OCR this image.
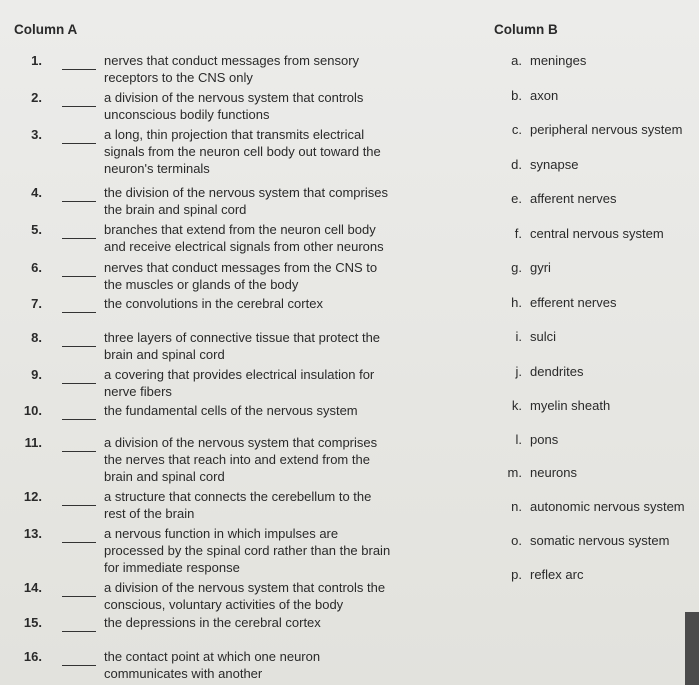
Column A	Column B
1.	nerves that conduct messages from sensory
receptors to the CNS only
2.	a division of the nervous system that controls
unconscious bodily functions
3.	a long, thin projection that transmits electrical
signals from the neuron cell body out toward the
neuron's terminals
4.	the division of the nervous system that comprises
the brain and spinal cord
5.	branches that extend from the neuron cell body
and receive electrical signals from other neurons
6.	nerves that conduct messages from the CNS to
the muscles or glands of the body
7.	the convolutions in the cerebral cortex
8.	three layers of connective tissue that protect the
brain and spinal cord
9.	a covering that provides electrical insulation for
nerve fibers
10.	the fundamental cells of the nervous system
11.	a division of the nervous system that comprises
the nerves that reach into and extend from the
brain and spinal cord
12.	a structure that connects the cerebellum to the
rest of the brain
13.	a nervous function in which impulses are
processed by the spinal cord rather than the brain
for immediate response
14.	a division of the nervous system that controls the
conscious, voluntary activities of the body
15.	the depressions in the cerebral cortex
16.	the contact point at which one neuron
communicates with another
a. meninges
b. axon
c. peripheral nervous system
d. synapse
e. afferent nerves
f. central nervous system
g. gyri
h. efferent nerves
i. sulci
j. dendrites
k. myelin sheath
l. pons
m. neurons
n. autonomic nervous system
o. somatic nervous system
p. reflex arc
